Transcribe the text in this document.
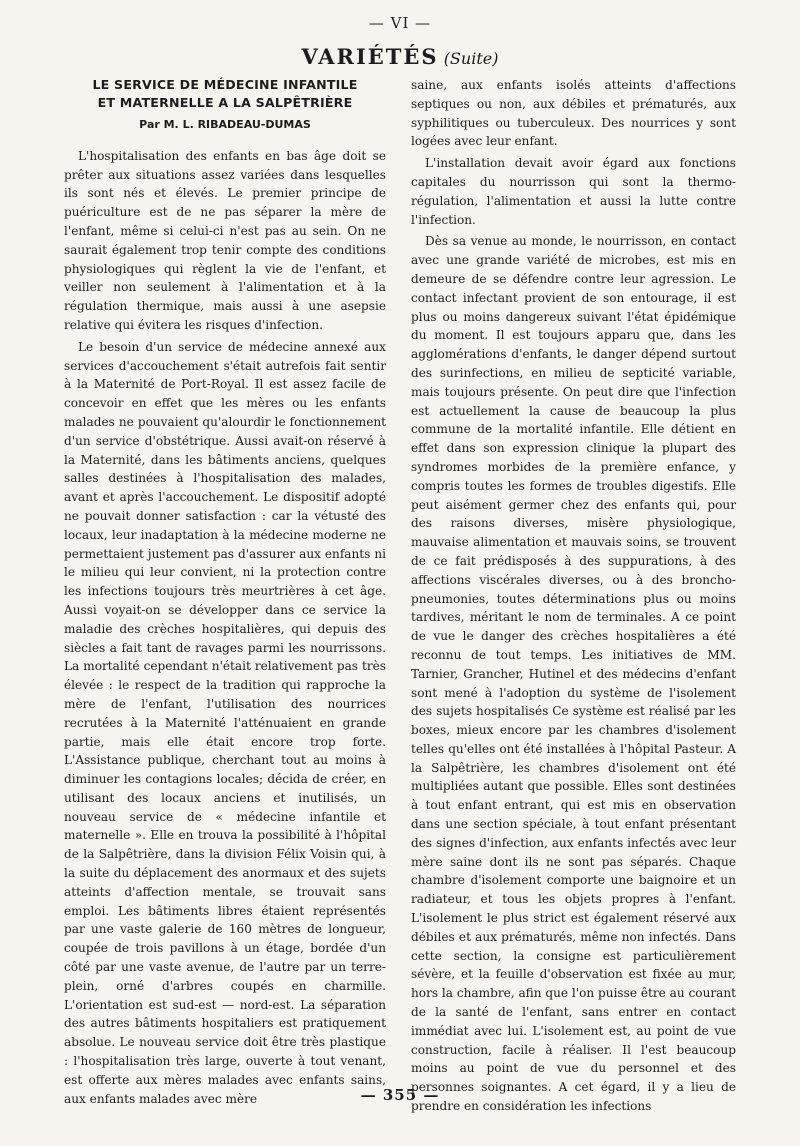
— VI —
VARIÉTÉS (Suite)
LE SERVICE DE MÉDECINE INFANTILE
ET MATERNELLE A LA SALPÊTRIÈRE
Par M. L. RIBADEAU-DUMAS

L'hospitalisation des enfants en bas âge doit se prêter aux situations assez variées dans lesquelles ils sont nés et élevés. Le premier principe de puériculture est de ne pas séparer la mère de l'enfant, même si celui-ci n'est pas au sein. On ne saurait également trop tenir compte des conditions physiologiques qui règlent la vie de l'enfant, et veiller non seulement à l'alimentation et à la régulation thermique, mais aussi à une asepsie relative qui évitera les risques d'infection.

Le besoin d'un service de médecine annexé aux services d'accouchement s'était autrefois fait sentir à la Maternité de Port-Royal. Il est assez facile de concevoir en effet que les mères ou les enfants malades ne pouvaient qu'alourdir le fonctionnement d'un service d'obstétrique. Aussi avait-on réservé à la Maternité, dans les bâtiments anciens, quelques salles destinées à l'hospitalisation des malades, avant et après l'accouchement. Le dispositif adopté ne pouvait donner satisfaction : car la vétusté des locaux, leur inadaptation à la médecine moderne ne permettaient justement pas d'assurer aux enfants ni le milieu qui leur convient, ni la protection contre les infections toujours très meurtrières à cet âge. Aussi voyait-on se développer dans ce service la maladie des crèches hospitalières, qui depuis des siècles a fait tant de ravages parmi les nourrissons. La mortalité cependant n'était relativement pas très élevée : le respect de la tradition qui rapproche la mère de l'enfant, l'utilisation des nourrices recrutées à la Maternité l'atténuaient en grande partie, mais elle était encore trop forte. L'Assistance publique, cherchant tout au moins à diminuer les contagions locales; décida de créer, en utilisant des locaux anciens et inutilisés, un nouveau service de « médecine infantile et maternelle ». Elle en trouva la possibilité à l'hôpital de la Salpêtrière, dans la division Félix Voisin qui, à la suite du déplacement des anormaux et des sujets atteints d'affection mentale, se trouvait sans emploi. Les bâtiments libres étaient représentés par une vaste galerie de 160 mètres de longueur, coupée de trois pavillons à un étage, bordée d'un côté par une vaste avenue, de l'autre par un terre-plein, orné d'arbres coupés en charmille. L'orientation est sud-est — nord-est. La séparation des autres bâtiments hospitaliers est pratiquement absolue. Le nouveau service doit être très plastique : l'hospitalisation très large, ouverte à tout venant, est offerte aux mères malades avec enfants sains, aux enfants malades avec mère

saine, aux enfants isolés atteints d'affections septiques ou non, aux débiles et prématurés, aux syphilitiques ou tuberculeux. Des nourrices y sont logées avec leur enfant.

L'installation devait avoir égard aux fonctions capitales du nourrisson qui sont la thermo-régulation, l'alimentation et aussi la lutte contre l'infection.

Dès sa venue au monde, le nourrisson, en contact avec une grande variété de microbes, est mis en demeure de se défendre contre leur agression. Le contact infectant provient de son entourage, il est plus ou moins dangereux suivant l'état épidémique du moment. Il est toujours apparu que, dans les agglomérations d'enfants, le danger dépend surtout des surinfections, en milieu de septicité variable, mais toujours présente. On peut dire que l'infection est actuellement la cause de beaucoup la plus commune de la mortalité infantile. Elle détient en effet dans son expression clinique la plupart des syndromes morbides de la première enfance, y compris toutes les formes de troubles digestifs. Elle peut aisément germer chez des enfants qui, pour des raisons diverses, misère physiologique, mauvaise alimentation et mauvais soins, se trouvent de ce fait prédisposés à des suppurations, à des affections viscérales diverses, ou à des broncho-pneumonies, toutes déterminations plus ou moins tardives, méritant le nom de terminales. A ce point de vue le danger des crèches hospitalières a été reconnu de tout temps. Les initiatives de MM. Tarnier, Grancher, Hutinel et des médecins d'enfant sont mené à l'adoption du système de l'isolement des sujets hospitalisés Ce système est réalisé par les boxes, mieux encore par les chambres d'isolement telles qu'elles ont été installées à l'hôpital Pasteur. A la Salpêtrière, les chambres d'isolement ont été multipliées autant que possible. Elles sont destinées à tout enfant entrant, qui est mis en observation dans une section spéciale, à tout enfant présentant des signes d'infection, aux enfants infectés avec leur mère saine dont ils ne sont pas séparés. Chaque chambre d'isolement comporte une baignoire et un radiateur, et tous les objets propres à l'enfant. L'isolement le plus strict est également réservé aux débiles et aux prématurés, même non infectés. Dans cette section, la consigne est particulièrement sévère, et la feuille d'observation est fixée au mur, hors la chambre, afin que l'on puisse être au courant de la santé de l'enfant, sans entrer en contact immédiat avec lui. L'isolement est, au point de vue construction, facile à réaliser. Il l'est beaucoup moins au point de vue du personnel et des personnes soignantes. A cet égard, il y a lieu de prendre en considération les infections

— 355 —
